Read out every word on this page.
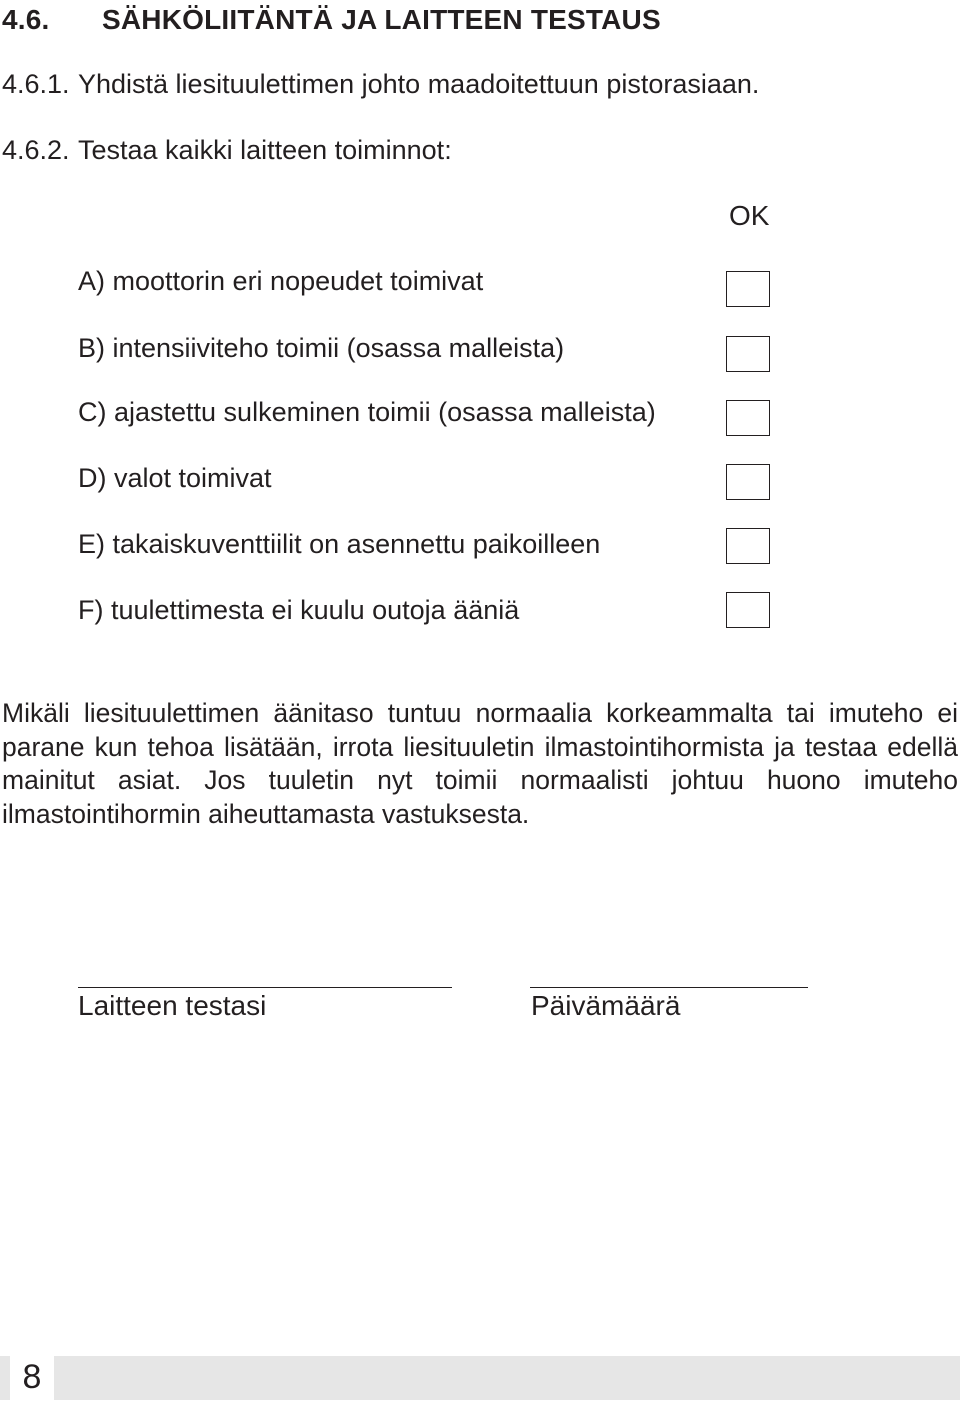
4.6. SÄHKÖLIITÄNTÄ JA LAITTEEN TESTAUS
4.6.1. Yhdistä liesituulettimen johto maadoitettuun pistorasiaan.
4.6.2. Testaa kaikki laitteen toiminnot:
OK
A) moottorin eri nopeudet toimivat
B) intensiiviteho toimii (osassa malleista)
C) ajastettu sulkeminen toimii (osassa malleista)
D) valot toimivat
E) takaiskuventtiilit on asennettu paikoilleen
F) tuulettimesta ei kuulu outoja ääniä

Mikäli liesituulettimen äänitaso tuntuu normaalia korkeammalta tai imuteho ei parane kun tehoa lisätään, irrota liesituuletin ilmastointihormista ja testaa edellä mainitut asiat. Jos tuuletin nyt toimii normaalisti johtuu huono imuteho ilmastointihormin aiheuttamasta vastuksesta.

Laitteen testasi	Päivämäärä
8
